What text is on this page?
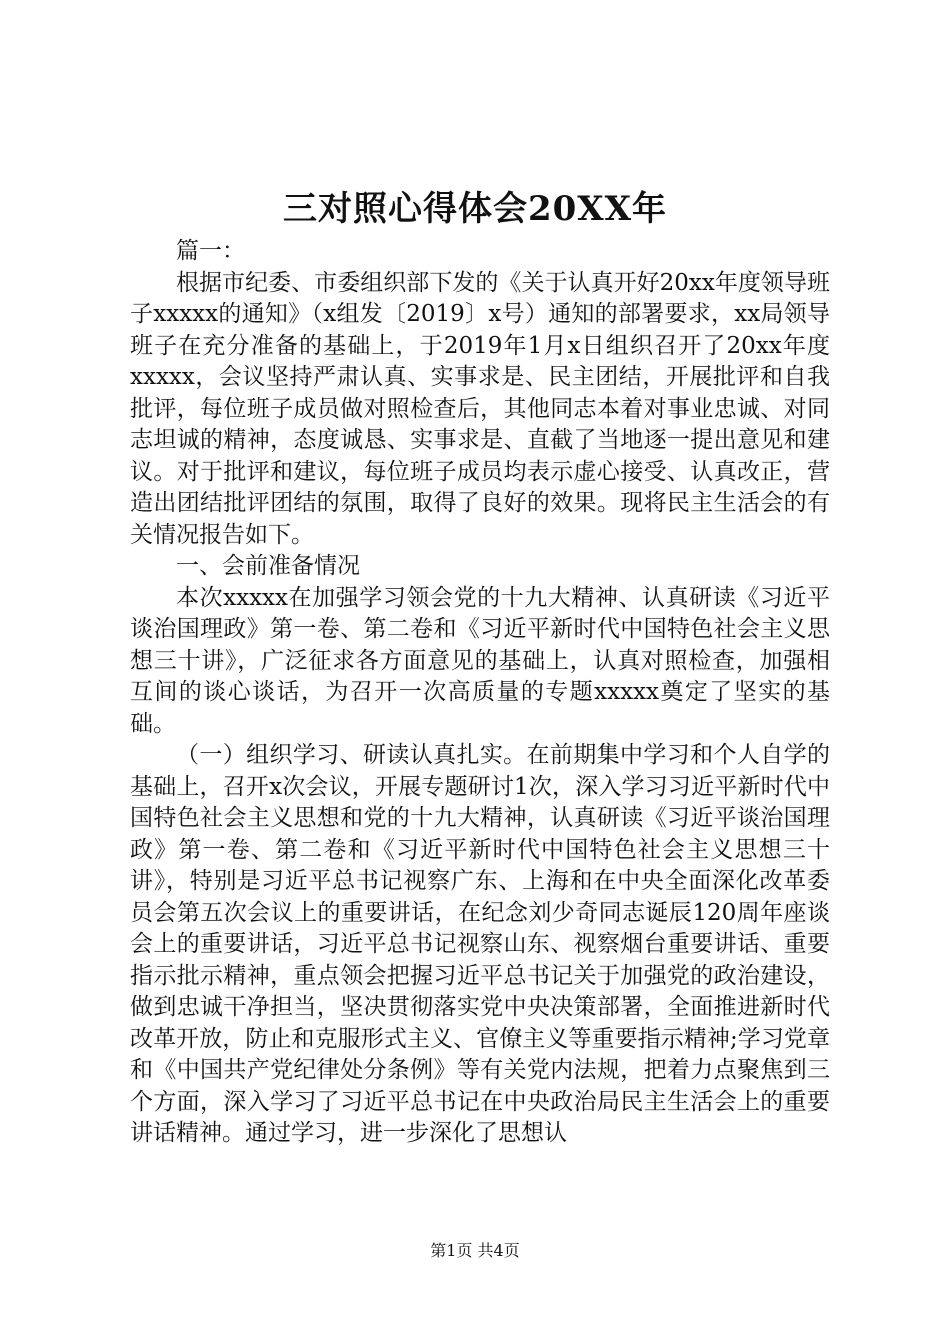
三对照心得体会20XX年

篇一：

根据市纪委、市委组织部下发的《关于认真开好20xx年度领导班子xxxxx的通知》（x组发〔2019〕x号）通知的部署要求，xx局领导班子在充分准备的基础上，于2019年1月x日组织召开了20xx年度xxxxx，会议坚持严肃认真、实事求是、民主团结，开展批评和自我批评，每位班子成员做对照检查后，其他同志本着对事业忠诚、对同志坦诚的精神，态度诚恳、实事求是、直截了当地逐一提出意见和建议。对于批评和建议，每位班子成员均表示虚心接受、认真改正，营造出团结批评团结的氛围，取得了良好的效果。现将民主生活会的有关情况报告如下。

一、会前准备情况

本次xxxxx在加强学习领会党的十九大精神、认真研读《习近平谈治国理政》第一卷、第二卷和《习近平新时代中国特色社会主义思想三十讲》，广泛征求各方面意见的基础上，认真对照检查，加强相互间的谈心谈话，为召开一次高质量的专题xxxxx奠定了坚实的基础。

（一）组织学习、研读认真扎实。在前期集中学习和个人自学的基础上，召开x次会议，开展专题研讨1次，深入学习习近平新时代中国特色社会主义思想和党的十九大精神，认真研读《习近平谈治国理政》第一卷、第二卷和《习近平新时代中国特色社会主义思想三十讲》，特别是习近平总书记视察广东、上海和在中央全面深化改革委员会第五次会议上的重要讲话，在纪念刘少奇同志诞辰120周年座谈会上的重要讲话，习近平总书记视察山东、视察烟台重要讲话、重要指示批示精神，重点领会把握习近平总书记关于加强党的政治建设，做到忠诚干净担当，坚决贯彻落实党中央决策部署，全面推进新时代改革开放，防止和克服形式主义、官僚主义等重要指示精神;学习党章和《中国共产党纪律处分条例》等有关党内法规，把着力点聚焦到三个方面，深入学习了习近平总书记在中央政治局民主生活会上的重要讲话精神。通过学习，进一步深化了思想认

第1页 共4页
